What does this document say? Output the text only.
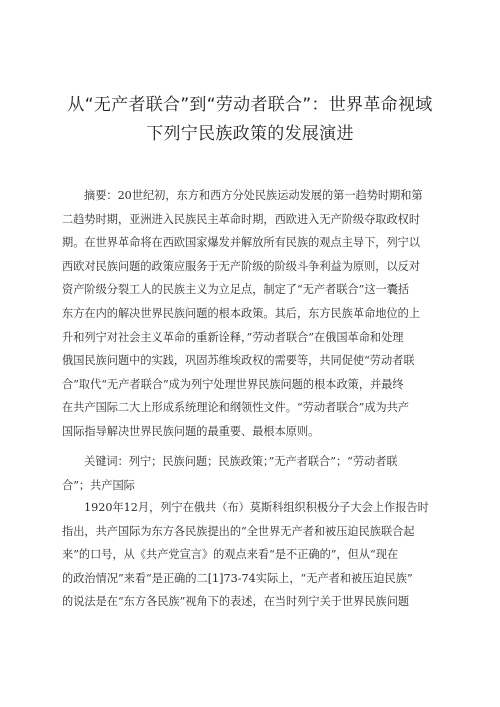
从“无产者联合”到“劳动者联合”：世界革命视域
下列宁民族政策的发展演进
摘要：20世纪初，东方和西方分处民族运动发展的第一趋势时期和第
二趋势时期，亚洲进入民族民主革命时期，西欧进入无产阶级夺取政权时
期。在世界革命将在西欧国家爆发并解放所有民族的观点主导下，列宁以
西欧对民族问题的政策应服务于无产阶级的阶级斗争利益为原则，以反对
资产阶级分裂工人的民族主义为立足点，制定了“无产者联合”这一囊括
东方在内的解决世界民族问题的根本政策。其后，东方民族革命地位的上
升和列宁对社会主义革命的重新诠释，”劳动者联合”在俄国革命和处理
俄国民族问题中的实践，巩固苏维埃政权的需要等，共同促使“劳动者联
合”取代“无产者联合”成为列宁处理世界民族问题的根本政策，并最终
在共产国际二大上形成系统理论和纲领性文件。“劳动者联合”成为共产
国际指导解决世界民族问题的最重要、最根本原则。
关键词：列宁；民族问题；民族政策；”无产者联合”；“劳动者联
合”；共产国际
1920年12月，列宁在俄共（布）莫斯科组织积极分子大会上作报告时
指出，共产国际为东方各民族提出的“全世界无产者和被压迫民族联合起
来”的口号，从《共产党宣言》的观点来看“是不正确的”，但从“现在
的政治情况”来看“是正确的二[1]73-74实际上，“无产者和被压迫民族”
的说法是在“东方各民族”视角下的表述，在当时列宁关于世界民族问题
